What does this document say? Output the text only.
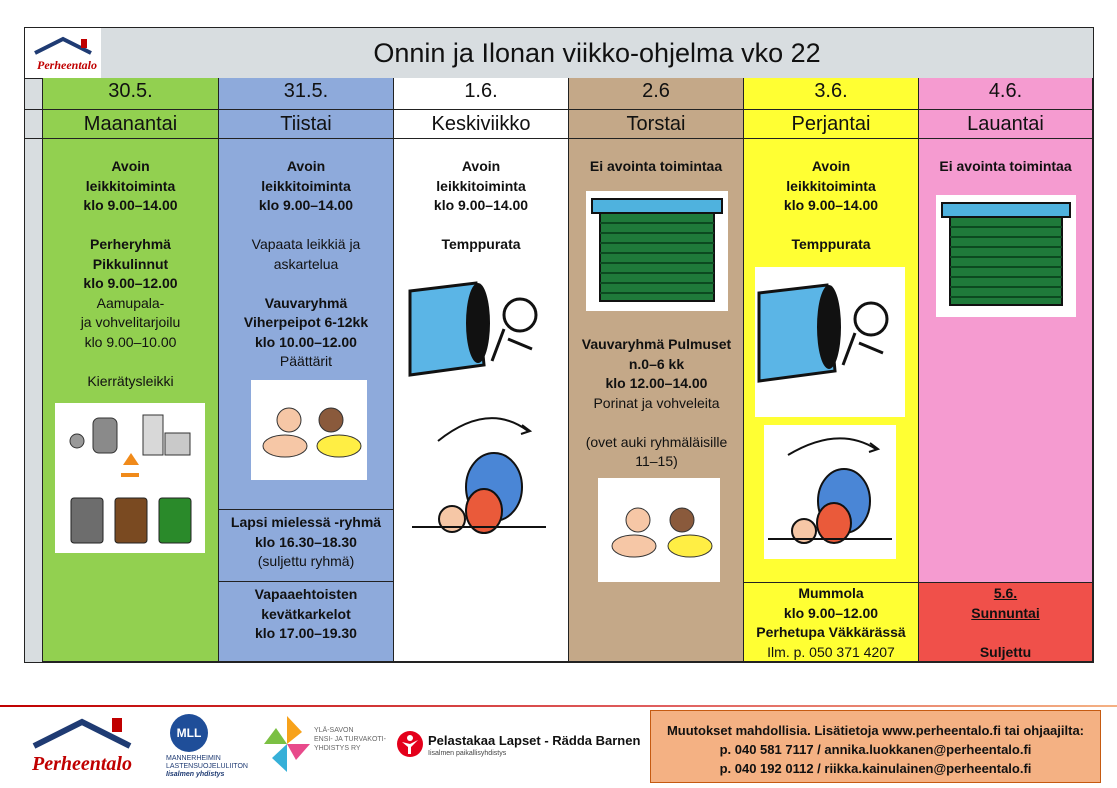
Perheentalo	Onnin ja Ilonan viikko-ohjelma vko 22
30.5.
Maanantai
Avoin
leikkitoiminta
klo 9.00–14.00

Perheryhmä
Pikkulinnut
klo 9.00–12.00
Aamupala-
ja vohvelitarjoilu
klo 9.00–10.00

Kierrätysleikki
31.5.
Tiistai
Avoin
leikkitoiminta
klo 9.00–14.00

Vapaata leikkiä ja
askartelua

Vauvaryhmä
Viherpeipot 6-12kk
klo 10.00–12.00
Päättärit
Lapsi mielessä -ryhmä
klo 16.30–18.30
(suljettu ryhmä)
Vapaaehtoisten
kevätkarkelot
klo 17.00–19.30
1.6.
Keskiviikko
Avoin
leikkitoiminta
klo 9.00–14.00

Temppurata
2.6
Torstai
Ei avointa toimintaa
Vauvaryhmä Pulmuset
n.0–6 kk
klo 12.00–14.00
Porinat ja vohveleita

(ovet auki ryhmäläisille
11–15)
3.6.
Perjantai
Avoin
leikkitoiminta
klo 9.00–14.00

Temppurata
Mummola
klo 9.00–12.00
Perhetupa Väkkärässä
Ilm. p. 050 371 4207
4.6.
Lauantai
Ei avointa toimintaa
5.6.
Sunnuntai

Suljettu
Perheentalo
MLL
MANNERHEIMIN
LASTENSUOJELULIITON
Iisalmen yhdistys
YLÄ-SAVON
ENSI- JA TURVAKOTI-
YHDISTYS RY
Pelastakaa Lapset - Rädda Barnen
Iisalmen paikallisyhdistys
Muutokset mahdollisia. Lisätietoja www.perheentalo.fi tai ohjaajilta:
p. 040 581 7117 / annika.luokkanen@perheentalo.fi
p. 040 192 0112 / riikka.kainulainen@perheentalo.fi
